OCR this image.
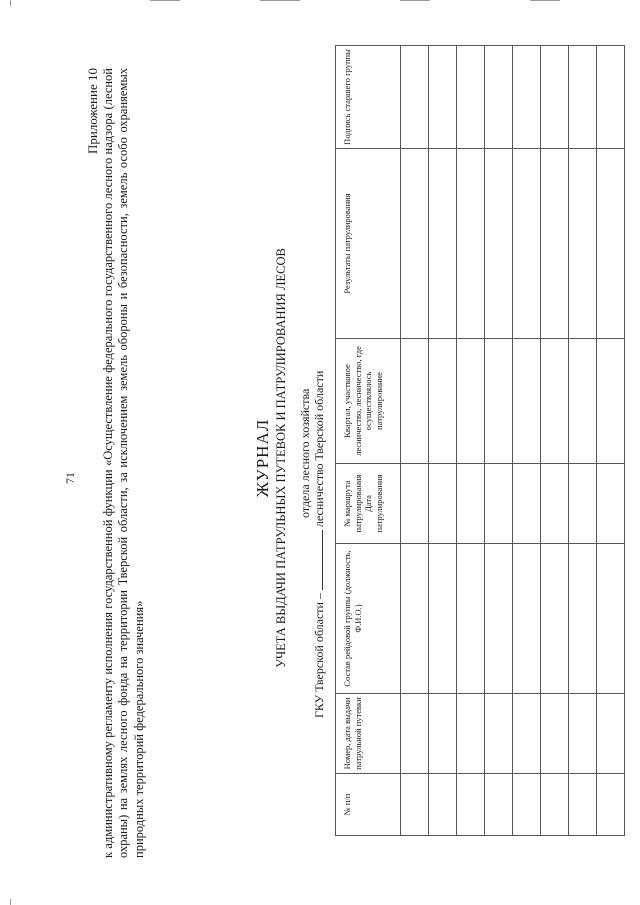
71
Приложение 10 к административному регламенту исполнения государственной функции «Осуществление федерального государственного лесного надзора (лесной охраны) на землях лесного фонда на территории Тверской области, за исключением земель обороны и безопасности, земель особо охраняемых природных территорий федерального значения»

ЖУРНАЛ УЧЕТА ВЫДАЧИ ПАТРУЛЬНЫХ ПУТЕВОК И ПАТРУЛИРОВАНИЯ ЛЕСОВ отдела лесного хозяйства
ГКУ Тверской области –  лесничество Тверской области
№ п/п	Номер, дата выдачи патрульной путевки	Состав рейдовой группы (должность, Ф.И.О.)	№ маршрута патрулирования Дата патрулирования	Квартал, участковое лесничество, лесничество, где осуществлялось патрулирование	Результаты патрулирования	Подпись старшего группы
